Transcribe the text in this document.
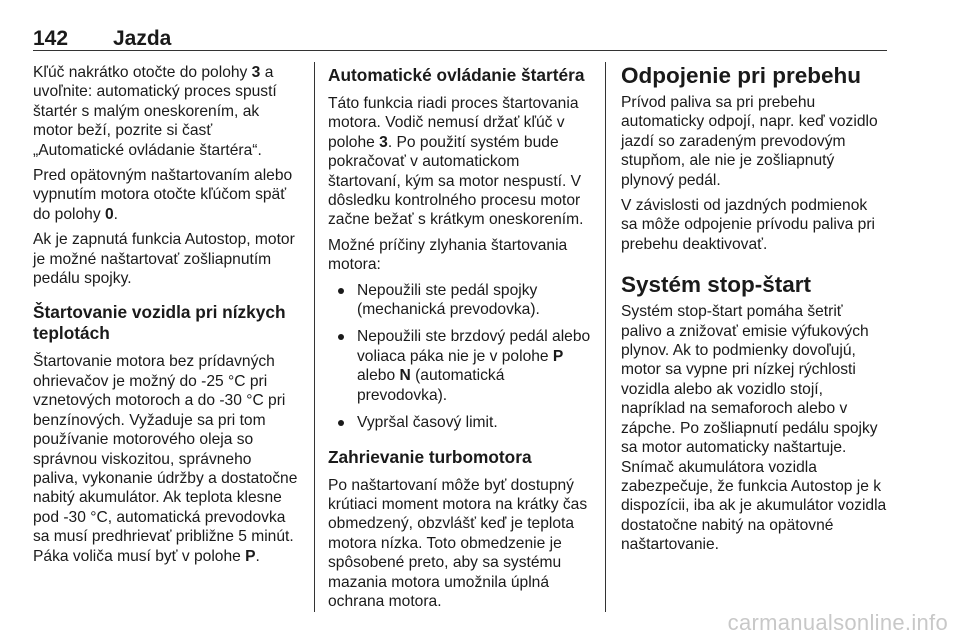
142 Jazda

Kľúč nakrátko otočte do polohy 3 a uvoľnite: automatický proces spustí štartér s malým oneskorením, ak motor beží, pozrite si časť „Automatické ovládanie štartéra“.

Pred opätovným naštartovaním alebo vypnutím motora otočte kľúčom späť do polohy 0.

Ak je zapnutá funkcia Autostop, motor je možné naštartovať zošliapnutím pedálu spojky.

Štartovanie vozidla pri nízkych teplotách

Štartovanie motora bez prídavných ohrievačov je možný do -25 °C pri vznetových motoroch a do -30 °C pri benzínových. Vyžaduje sa pri tom používanie motorového oleja so správnou viskozitou, správneho paliva, vykonanie údržby a dostatočne nabitý akumulátor. Ak teplota klesne pod -30 °C, automatická prevodovka sa musí predhrievať približne 5 minút. Páka voliča musí byť v polohe P.

Automatické ovládanie štartéra

Táto funkcia riadi proces štartovania motora. Vodič nemusí držať kľúč v polohe 3. Po použití systém bude pokračovať v automatickom štartovaní, kým sa motor nespustí. V dôsledku kontrolného procesu motor začne bežať s krátkym oneskorením.

Možné príčiny zlyhania štartovania motora:

Nepoužili ste pedál spojky (mechanická prevodovka).
Nepoužili ste brzdový pedál alebo voliaca páka nie je v polohe P alebo N (automatická prevodovka).
Vypršal časový limit.
Zahrievanie turbomotora

Po naštartovaní môže byť dostupný krútiaci moment motora na krátky čas obmedzený, obzvlášť keď je teplota motora nízka. Toto obmedzenie je spôsobené preto, aby sa systému mazania motora umožnila úplná ochrana motora.

Odpojenie pri prebehu

Prívod paliva sa pri prebehu automaticky odpojí, napr. keď vozidlo jazdí so zaradeným prevodovým stupňom, ale nie je zošliapnutý plynový pedál.

V závislosti od jazdných podmienok sa môže odpojenie prívodu paliva pri prebehu deaktivovať.

Systém stop-štart

Systém stop-štart pomáha šetriť palivo a znižovať emisie výfukových plynov. Ak to podmienky dovoľujú, motor sa vypne pri nízkej rýchlosti vozidla alebo ak vozidlo stojí, napríklad na semaforoch alebo v zápche. Po zošliapnutí pedálu spojky sa motor automaticky naštartuje. Snímač akumulátora vozidla zabezpečuje, že funkcia Autostop je k dispozícii, iba ak je akumulátor vozidla dostatočne nabitý na opätovné naštartovanie.

carmanualsonline.info
